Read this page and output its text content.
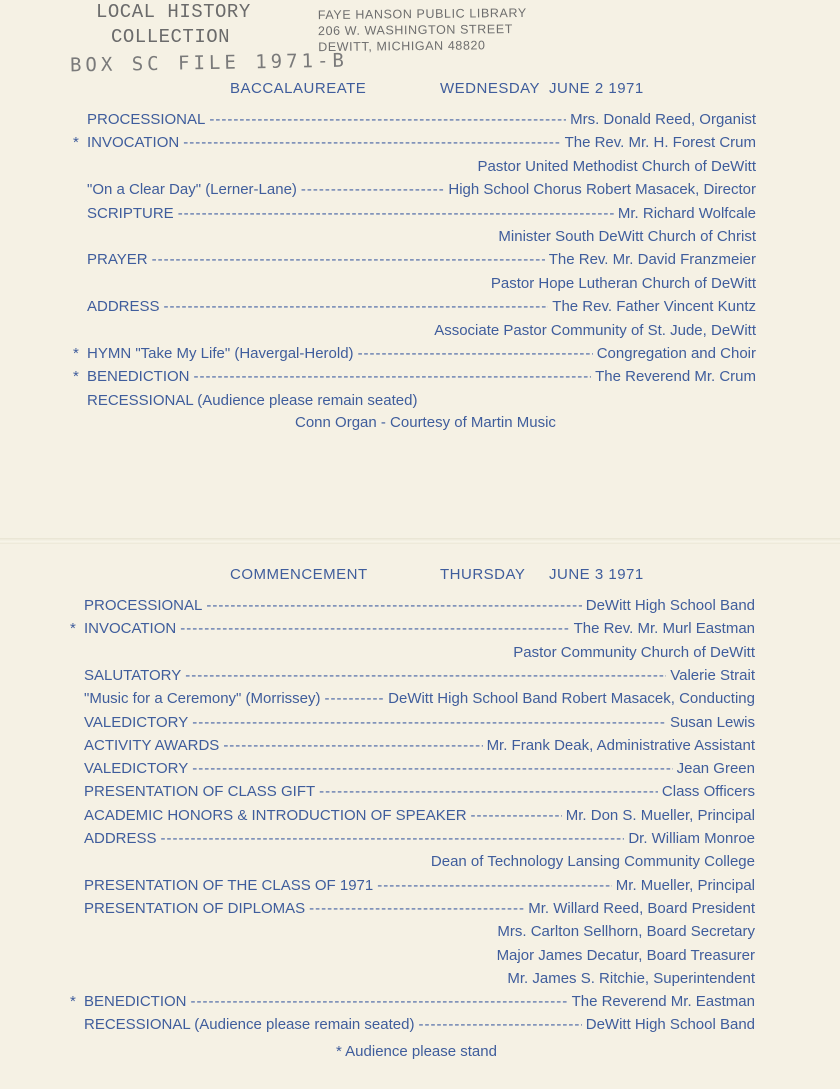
LOCAL HISTORY
COLLECTION
BOX SC FILE 1971-B
FAYE HANSON PUBLIC LIBRARY
206 W. WASHINGTON STREET
DEWITT, MICHIGAN 48820
BACCALAUREATE	WEDNESDAY JUNE 2 1971
PROCESSIONAL -----	Mrs. Donald Reed, Organist
* INVOCATION -----	The Rev. Mr. H. Forest Crum
Pastor United Methodist Church of DeWitt
"On a Clear Day" (Lerner-Lane) -----	High School Chorus Robert Masacek, Director
SCRIPTURE -----	Mr. Richard Wolfcale
Minister South DeWitt Church of Christ
PRAYER -----	The Rev. Mr. David Franzmeier
Pastor Hope Lutheran Church of DeWitt
ADDRESS -----	The Rev. Father Vincent Kuntz
Associate Pastor Community of St. Jude, DeWitt
* HYMN "Take My Life" (Havergal-Herold) -----	Congregation and Choir
* BENEDICTION -----	The Reverend Mr. Crum
RECESSIONAL (Audience please remain seated)
Conn Organ - Courtesy of Martin Music
COMMENCEMENT	THURSDAY JUNE 3 1971
PROCESSIONAL -----	DeWitt High School Band
* INVOCATION -----	The Rev. Mr. Murl Eastman
Pastor Community Church of DeWitt
SALUTATORY -----	Valerie Strait
"Music for a Ceremony" (Morrissey) -----	DeWitt High School Band Robert Masacek, Conducting
VALEDICTORY -----	Susan Lewis
ACTIVITY AWARDS -----	Mr. Frank Deak, Administrative Assistant
VALEDICTORY -----	Jean Green
PRESENTATION OF CLASS GIFT -----	Class Officers
ACADEMIC HONORS & INTRODUCTION OF SPEAKER -----	Mr. Don S. Mueller, Principal
ADDRESS -----	Dr. William Monroe
Dean of Technology Lansing Community College
PRESENTATION OF THE CLASS OF 1971 -----	Mr. Mueller, Principal
PRESENTATION OF DIPLOMAS -----	Mr. Willard Reed, Board President
Mrs. Carlton Sellhorn, Board Secretary
Major James Decatur, Board Treasurer
Mr. James S. Ritchie, Superintendent
* BENEDICTION -----	The Reverend Mr. Eastman
RECESSIONAL (Audience please remain seated) -----	DeWitt High School Band
* Audience please stand
